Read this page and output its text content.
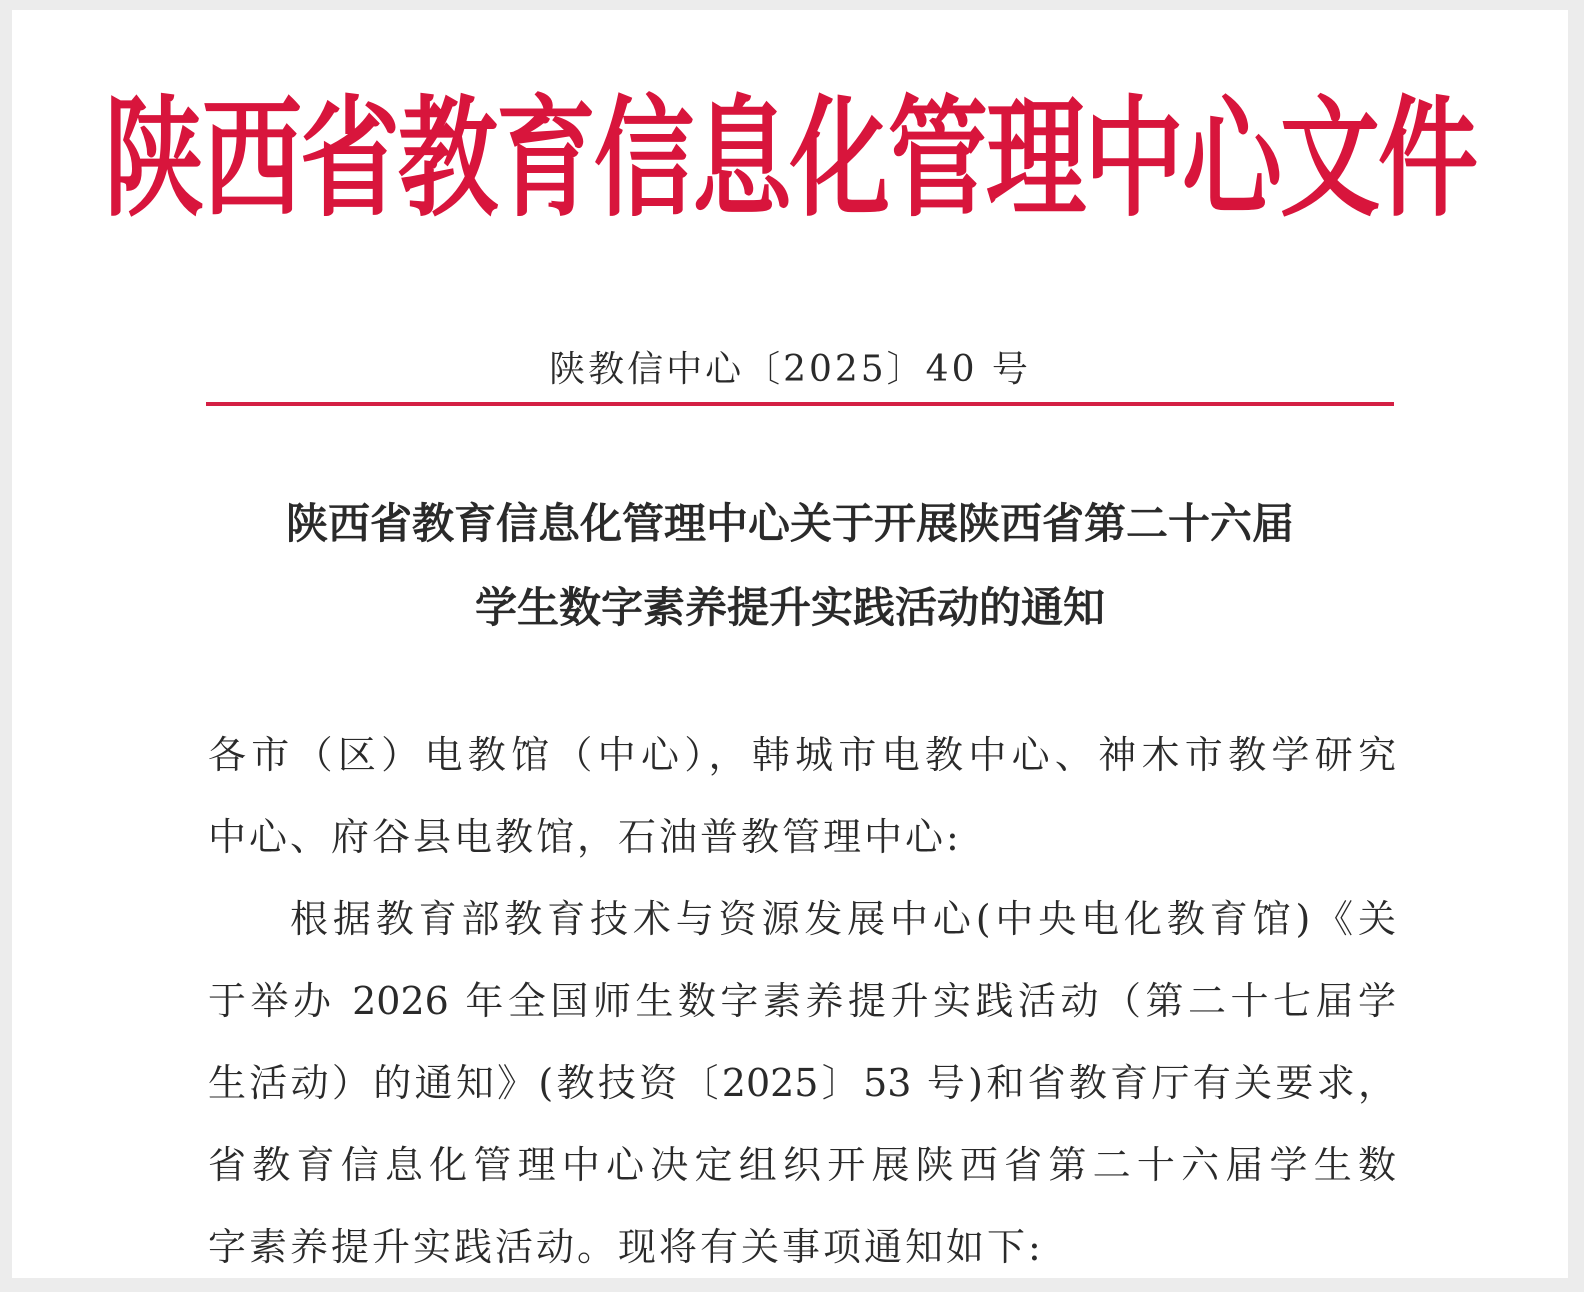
陕西省教育信息化管理中心文件
陕教信中心〔2025〕40 号
陕西省教育信息化管理中心关于开展陕西省第二十六届
学生数字素养提升实践活动的通知
各市（区）电教馆（中心），韩城市电教中心、神木市教学研究
中心、府谷县电教馆，石油普教管理中心:
根据教育部教育技术与资源发展中心(中央电化教育馆)《关
于举办 2026 年全国师生数字素养提升实践活动（第二十七届学
生活动）的通知》(教技资〔2025〕53 号)和省教育厅有关要求，
省教育信息化管理中心决定组织开展陕西省第二十六届学生数
字素养提升实践活动。现将有关事项通知如下:
